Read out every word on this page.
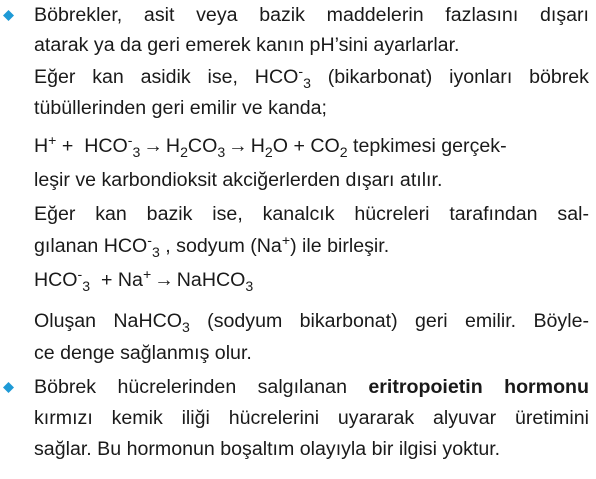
Böbrekler, asit veya bazik maddelerin fazlasını dışarı
atarak ya da geri emerek kanın pH’sini ayarlarlar.
Eğer kan asidik ise, $HCO^-_3$ (bikarbonat) iyonları böbrek
tübüllerinden geri emilir ve kanda;
$H^+ + HCO^-_3 \to H_2CO_3 \to H_2O + CO_2$ tepkimesi gerçek-
leşir ve karbondioksit akciğerlerden dışarı atılır.
Eğer kan bazik ise, kanalcık hücreleri tarafından sal-
gılanan $HCO^-_3$ , sodyum (Na+) ile birleşir.
$HCO^-_3 + Na^+$ → NaHCO$_3$
Oluşan NaHCO$_3$ (sodyum bikarbonat) geri emilir. Böyle-
ce denge sağlanmış olur.
Böbrek hücrelerinden salgılanan eritropoietin hormonu
kırmızı kemik iliği hücrelerini uyararak alyuvar üretimini
sağlar. Bu hormonun boşaltım olayıyla bir ilgisi yoktur.
